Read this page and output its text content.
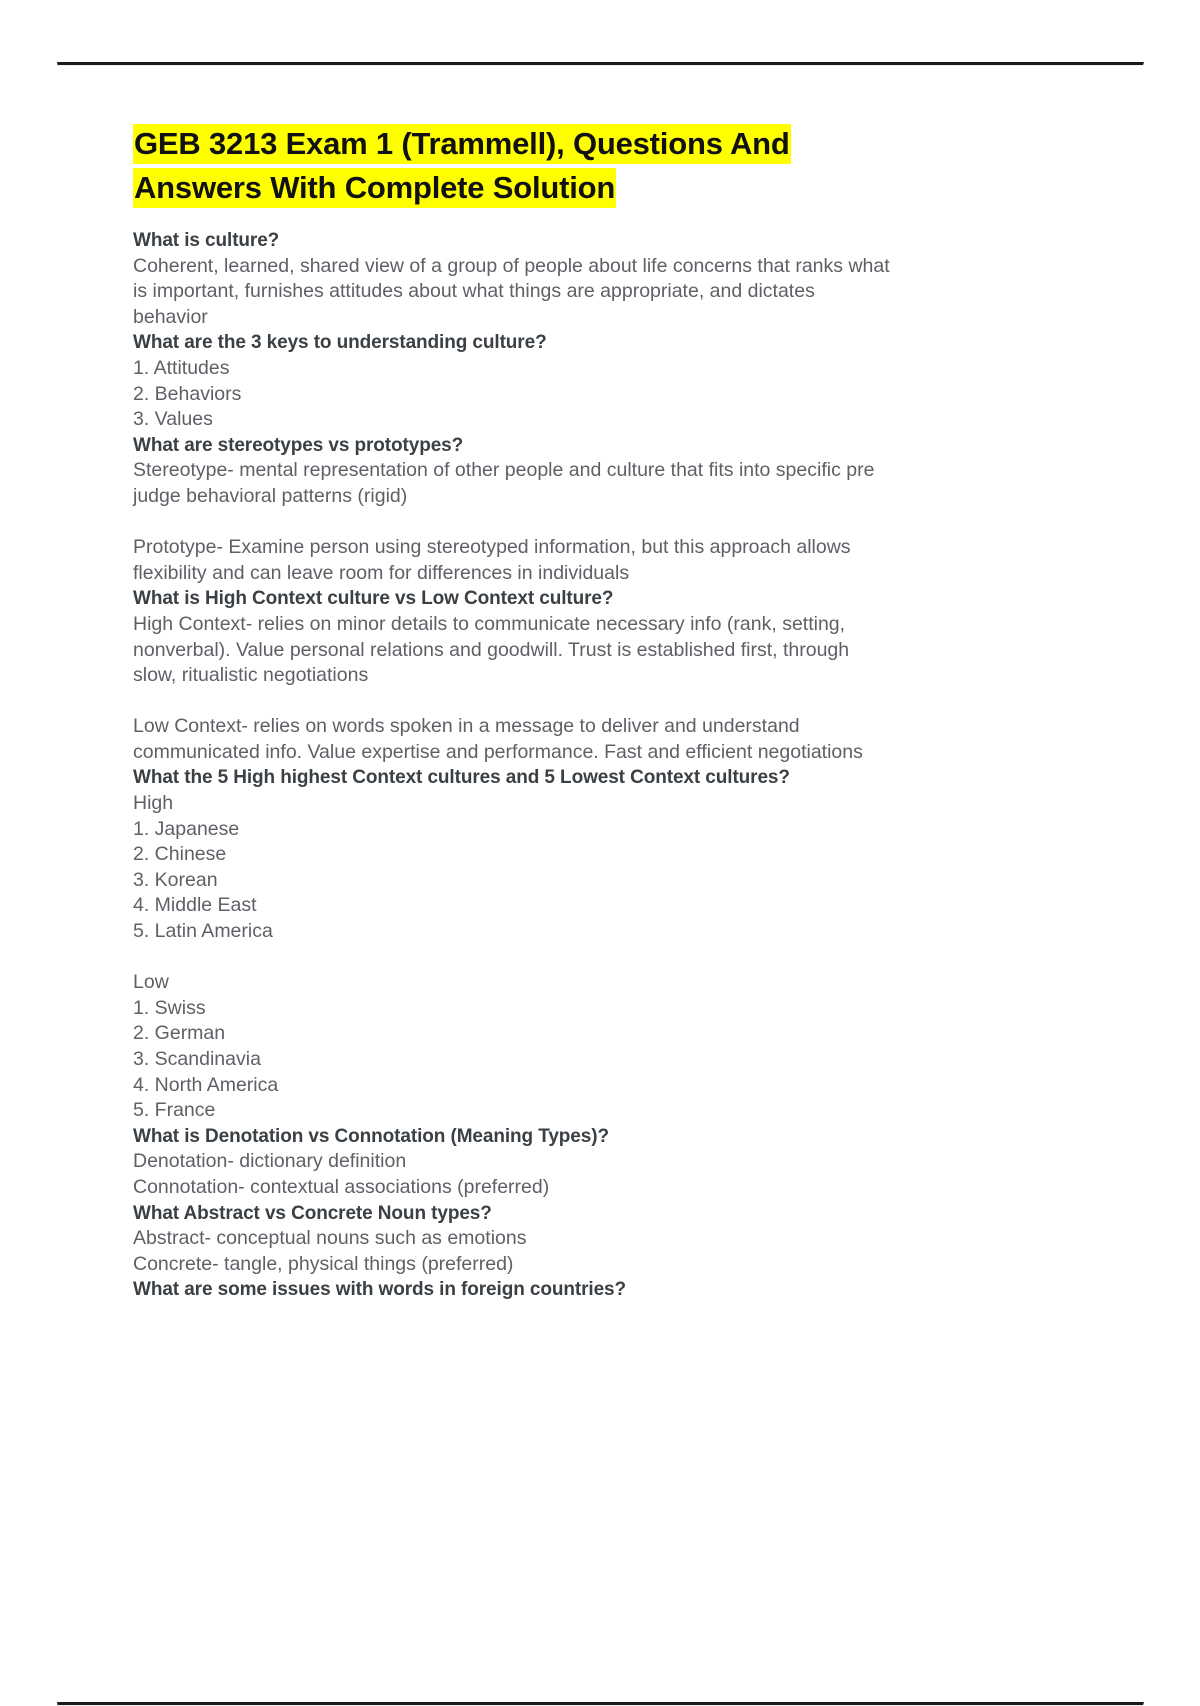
GEB 3213 Exam 1 (Trammell), Questions And
Answers With Complete Solution
What is culture?
Coherent, learned, shared view of a group of people about life concerns that ranks what
is important, furnishes attitudes about what things are appropriate, and dictates
behavior
What are the 3 keys to understanding culture?
1. Attitudes
2. Behaviors
3. Values
What are stereotypes vs prototypes?
Stereotype- mental representation of other people and culture that fits into specific pre
judge behavioral patterns (rigid)
Prototype- Examine person using stereotyped information, but this approach allows
flexibility and can leave room for differences in individuals
What is High Context culture vs Low Context culture?
High Context- relies on minor details to communicate necessary info (rank, setting,
nonverbal). Value personal relations and goodwill. Trust is established first, through
slow, ritualistic negotiations
Low Context- relies on words spoken in a message to deliver and understand
communicated info. Value expertise and performance. Fast and efficient negotiations
What the 5 High highest Context cultures and 5 Lowest Context cultures?
High
1. Japanese
2. Chinese
3. Korean
4. Middle East
5. Latin America
Low
1. Swiss
2. German
3. Scandinavia
4. North America
5. France
What is Denotation vs Connotation (Meaning Types)?
Denotation- dictionary definition
Connotation- contextual associations (preferred)
What Abstract vs Concrete Noun types?
Abstract- conceptual nouns such as emotions
Concrete- tangle, physical things (preferred)
What are some issues with words in foreign countries?
